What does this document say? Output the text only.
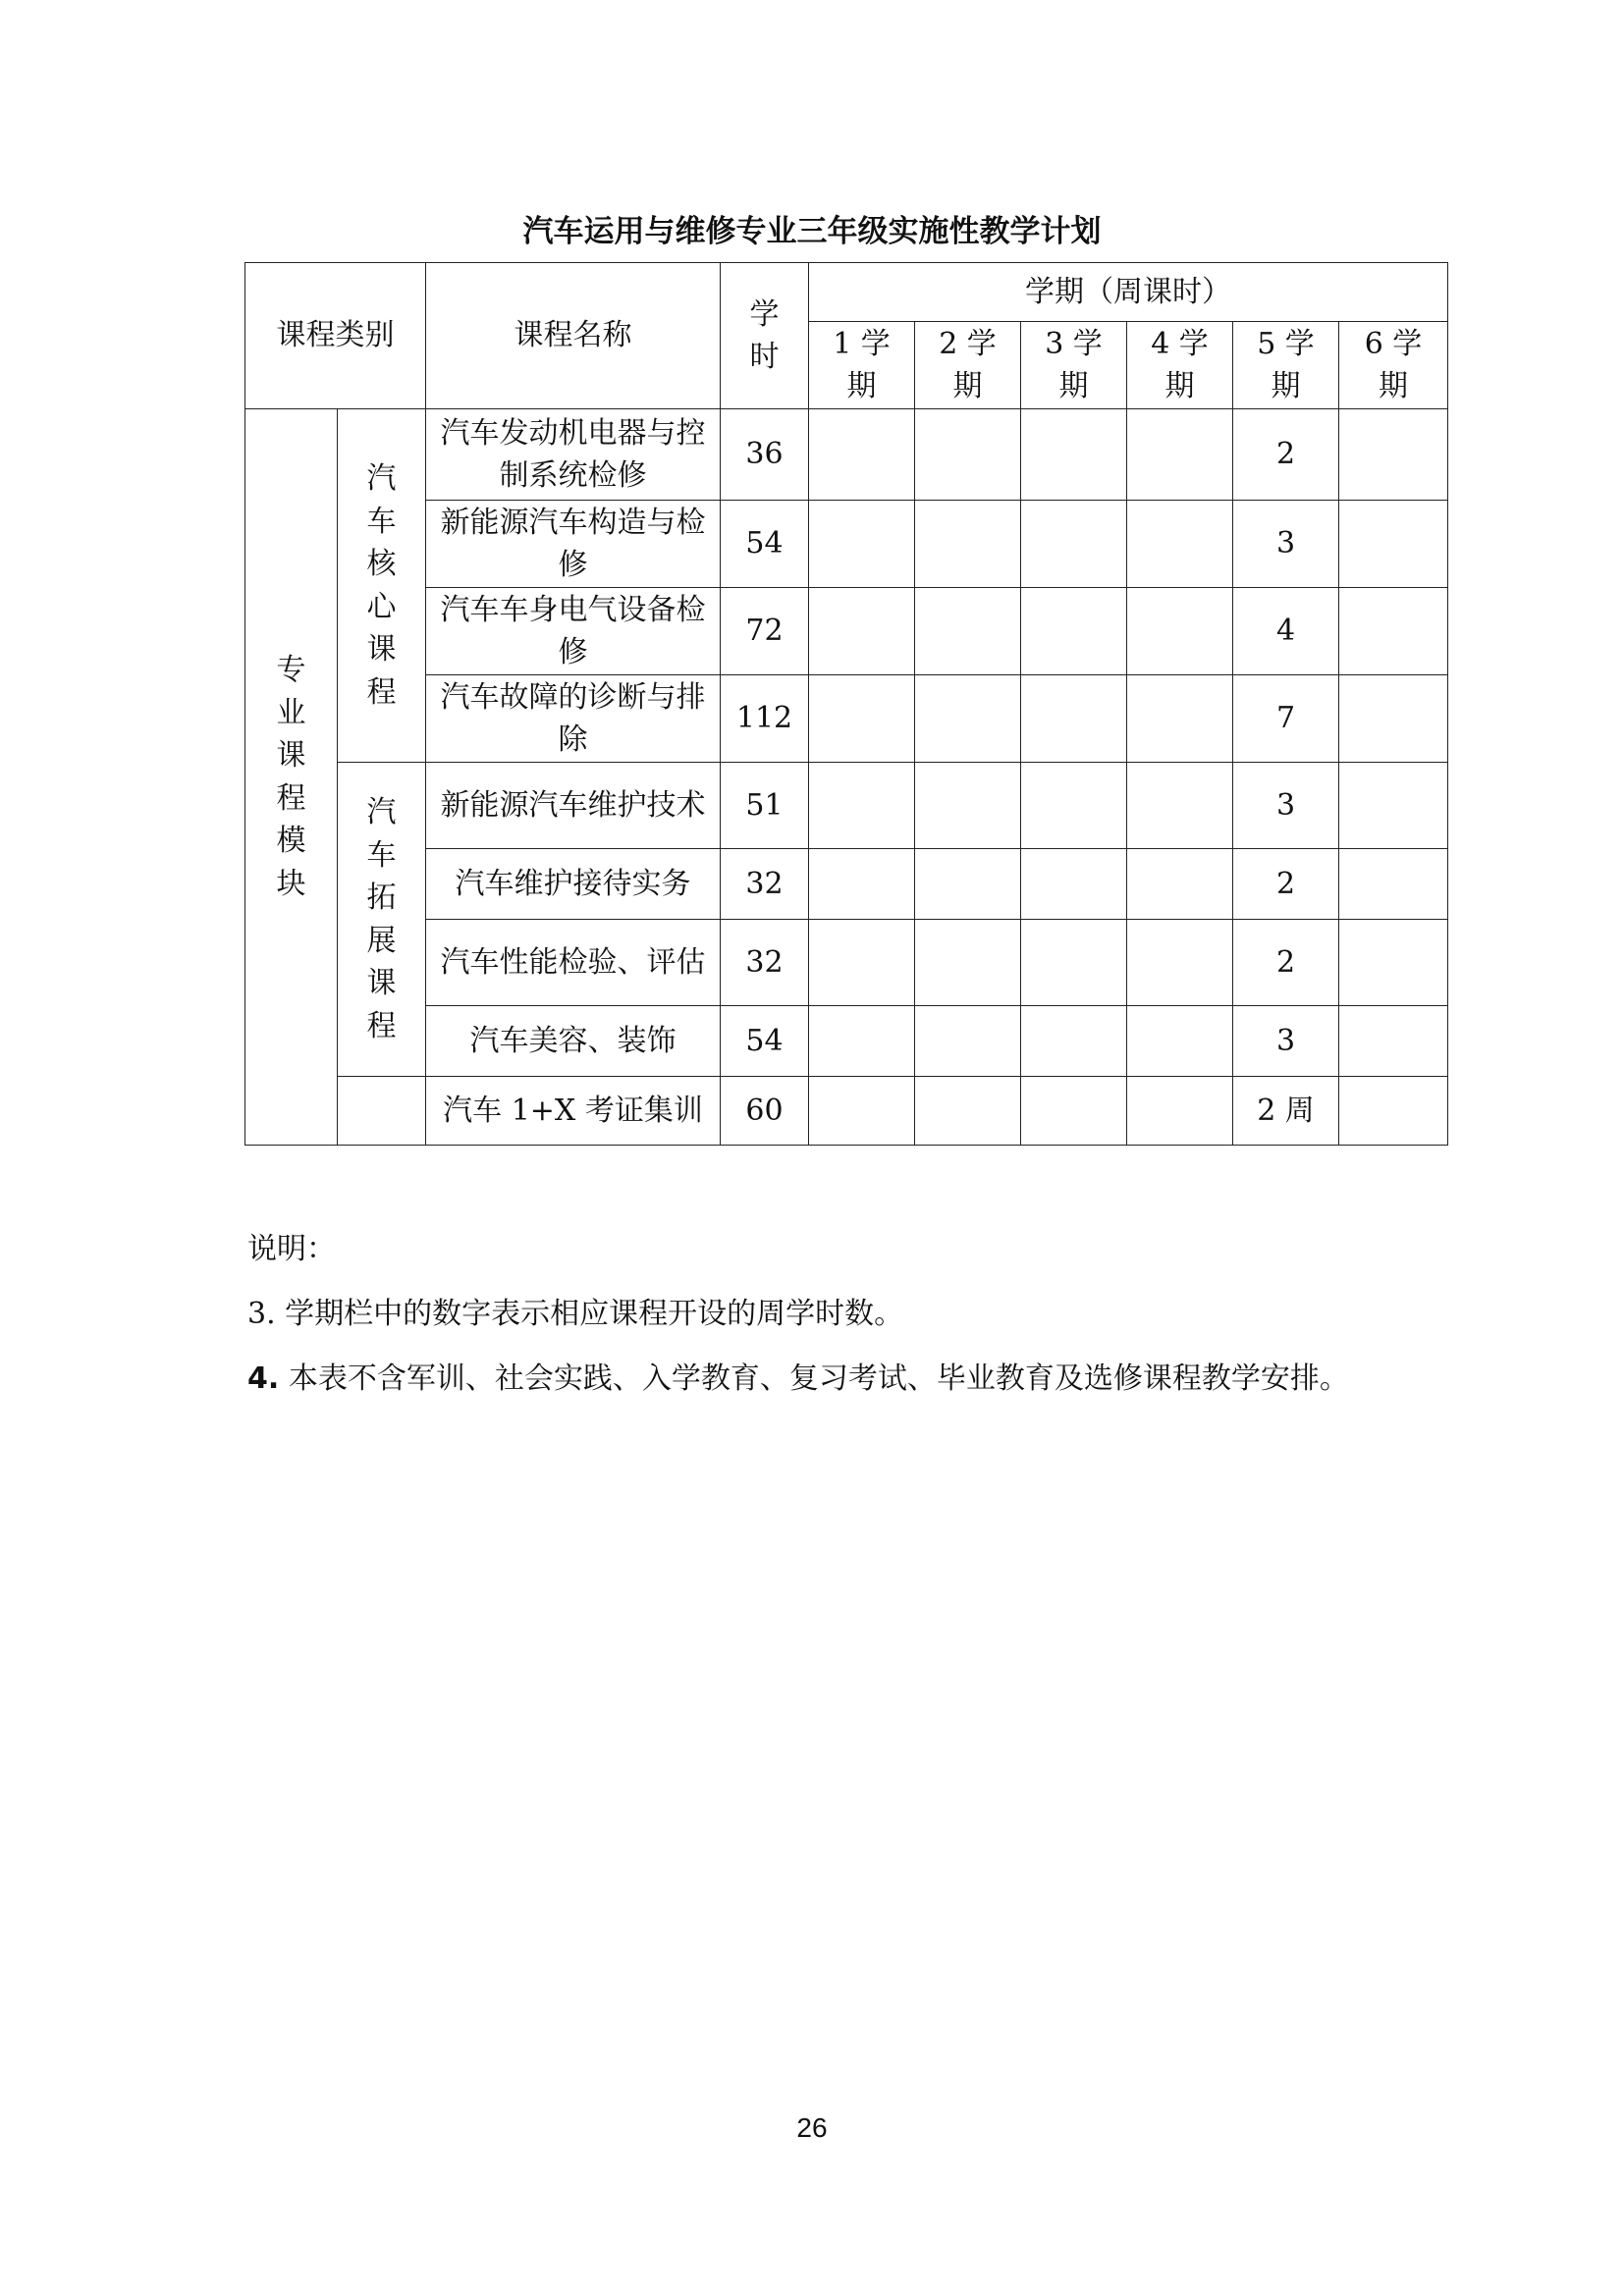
汽车运用与维修专业三年级实施性教学计划
课程类别		课程名称	学时	学期（周课时）					
				1 学期	2 学期	3 学期	4 学期	5 学期	6 学期
专业课程模块	汽车核心课程	汽车发动机电器与控制系统检修	36					2	
		新能源汽车构造与检修	54					3	
		汽车车身电气设备检修	72					4	
		汽车故障的诊断与排除	112					7	
	汽车拓展课程	新能源汽车维护技术	51					3	
		汽车维护接待实务	32					2	
		汽车性能检验、评估	32					2	
		汽车美容、装饰	54					3	
		汽车 1+X 考证集训	60					2 周	
说明：
3. 学期栏中的数字表示相应课程开设的周学时数。
4. 本表不含军训、社会实践、入学教育、复习考试、毕业教育及选修课程教学安排。
26
